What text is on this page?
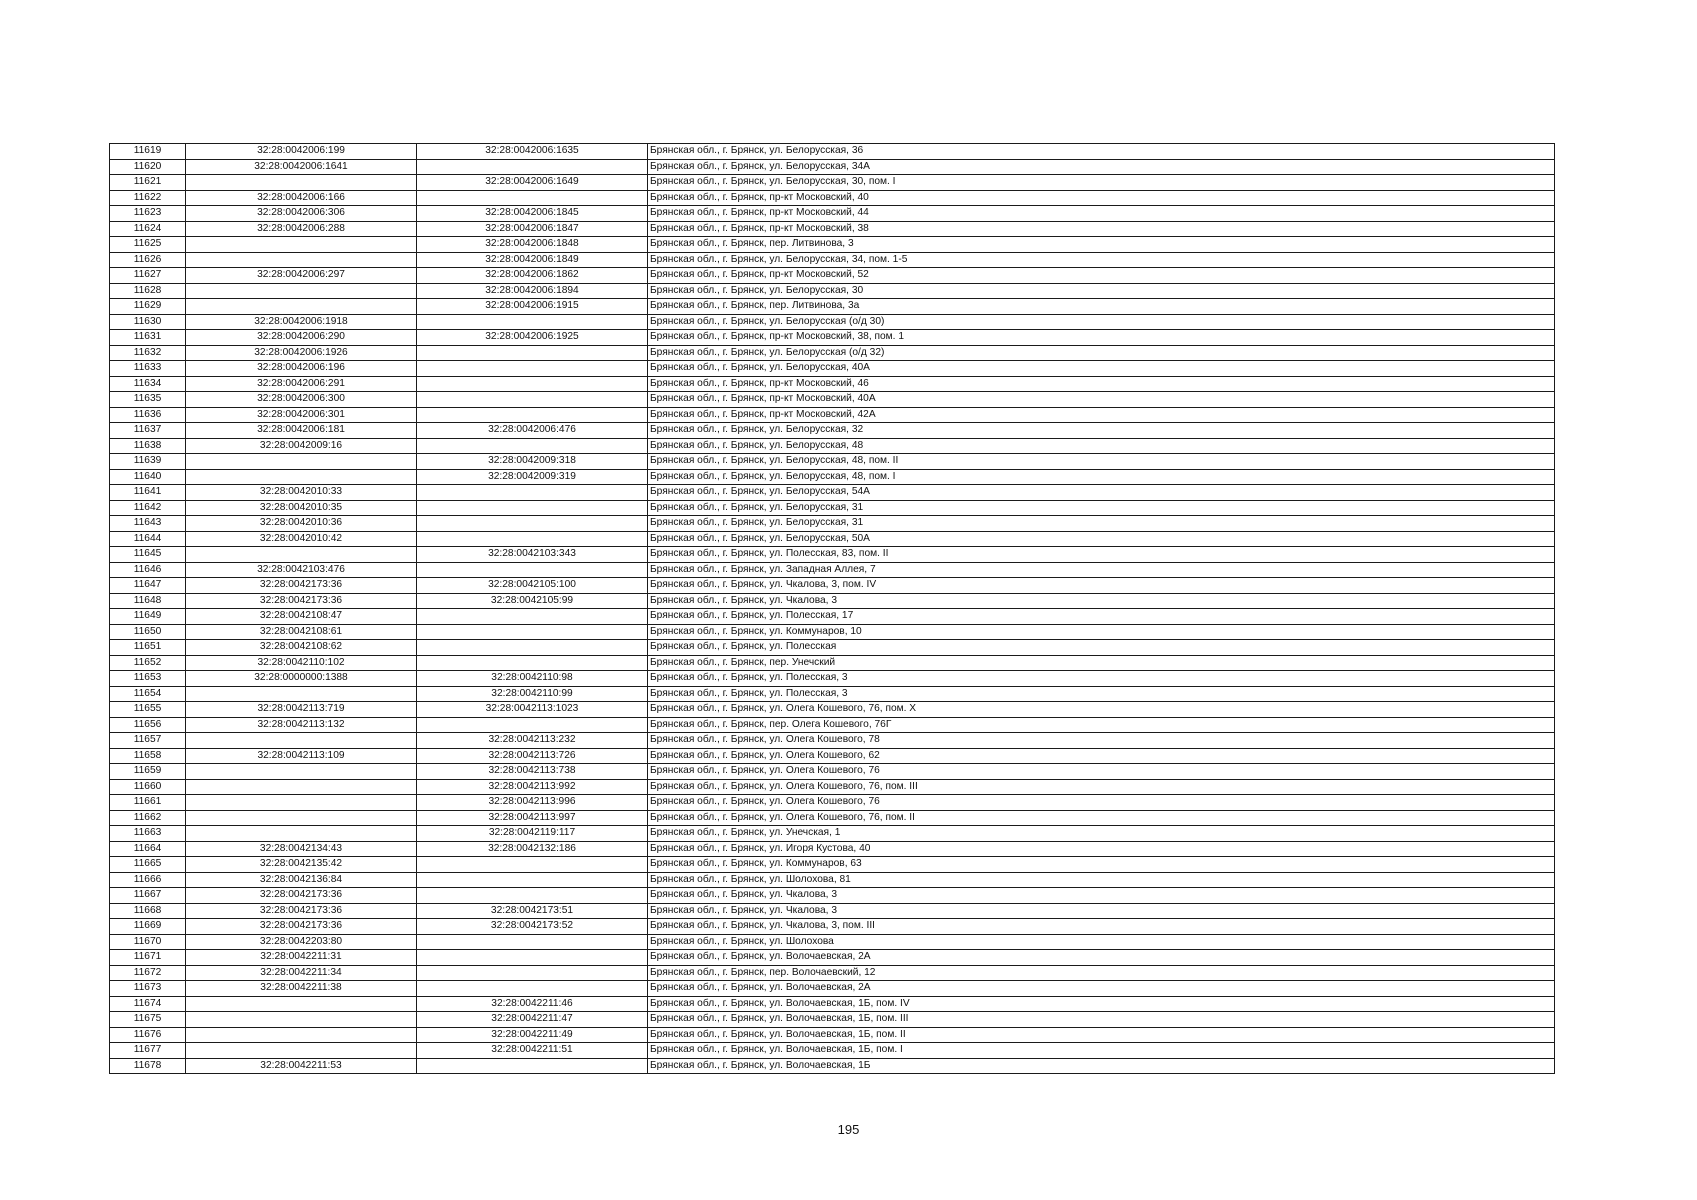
11619	32:28:0042006:199	32:28:0042006:1635	Брянская обл., г. Брянск, ул. Белорусская, 36
11620	32:28:0042006:1641		Брянская обл., г. Брянск, ул. Белорусская, 34А
11621		32:28:0042006:1649	Брянская обл., г. Брянск, ул. Белорусская, 30, пом. I
11622	32:28:0042006:166		Брянская обл., г. Брянск, пр-кт Московский, 40
11623	32:28:0042006:306	32:28:0042006:1845	Брянская обл., г. Брянск, пр-кт Московский, 44
11624	32:28:0042006:288	32:28:0042006:1847	Брянская обл., г. Брянск, пр-кт Московский, 38
11625		32:28:0042006:1848	Брянская обл., г. Брянск, пер. Литвинова, 3
11626		32:28:0042006:1849	Брянская обл., г. Брянск, ул. Белорусская, 34, пом. 1-5
11627	32:28:0042006:297	32:28:0042006:1862	Брянская обл., г. Брянск, пр-кт Московский, 52
11628		32:28:0042006:1894	Брянская обл., г. Брянск, ул. Белорусская, 30
11629		32:28:0042006:1915	Брянская обл., г. Брянск, пер. Литвинова, 3а
11630	32:28:0042006:1918		Брянская обл., г. Брянск, ул. Белорусская (о/д 30)
11631	32:28:0042006:290	32:28:0042006:1925	Брянская обл., г. Брянск, пр-кт Московский, 38, пом. 1
11632	32:28:0042006:1926		Брянская обл., г. Брянск, ул. Белорусская (о/д 32)
11633	32:28:0042006:196		Брянская обл., г. Брянск, ул. Белорусская, 40А
11634	32:28:0042006:291		Брянская обл., г. Брянск, пр-кт Московский, 46
11635	32:28:0042006:300		Брянская обл., г. Брянск, пр-кт Московский, 40А
11636	32:28:0042006:301		Брянская обл., г. Брянск, пр-кт Московский, 42А
11637	32:28:0042006:181	32:28:0042006:476	Брянская обл., г. Брянск, ул. Белорусская, 32
11638	32:28:0042009:16		Брянская обл., г. Брянск, ул. Белорусская, 48
11639		32:28:0042009:318	Брянская обл., г. Брянск, ул. Белорусская, 48, пом. II
11640		32:28:0042009:319	Брянская обл., г. Брянск, ул. Белорусская, 48, пом. I
11641	32:28:0042010:33		Брянская обл., г. Брянск, ул. Белорусская, 54А
11642	32:28:0042010:35		Брянская обл., г. Брянск, ул. Белорусская, 31
11643	32:28:0042010:36		Брянская обл., г. Брянск, ул. Белорусская, 31
11644	32:28:0042010:42		Брянская обл., г. Брянск, ул. Белорусская, 50А
11645		32:28:0042103:343	Брянская обл., г. Брянск, ул. Полесская, 83, пом. II
11646	32:28:0042103:476		Брянская обл., г. Брянск, ул. Западная Аллея, 7
11647	32:28:0042173:36	32:28:0042105:100	Брянская обл., г. Брянск, ул. Чкалова, 3, пом. IV
11648	32:28:0042173:36	32:28:0042105:99	Брянская обл., г. Брянск, ул. Чкалова, 3
11649	32:28:0042108:47		Брянская обл., г. Брянск, ул. Полесская, 17
11650	32:28:0042108:61		Брянская обл., г. Брянск, ул. Коммунаров, 10
11651	32:28:0042108:62		Брянская обл., г. Брянск, ул. Полесская
11652	32:28:0042110:102		Брянская обл., г. Брянск, пер. Унечский
11653	32:28:0000000:1388	32:28:0042110:98	Брянская обл., г. Брянск, ул. Полесская, 3
11654		32:28:0042110:99	Брянская обл., г. Брянск, ул. Полесская, 3
11655	32:28:0042113:719	32:28:0042113:1023	Брянская обл., г. Брянск, ул. Олега Кошевого, 76, пом. X
11656	32:28:0042113:132		Брянская обл., г. Брянск, пер. Олега Кошевого, 76Г
11657		32:28:0042113:232	Брянская обл., г. Брянск, ул. Олега Кошевого, 78
11658	32:28:0042113:109	32:28:0042113:726	Брянская обл., г. Брянск, ул. Олега Кошевого, 62
11659		32:28:0042113:738	Брянская обл., г. Брянск, ул. Олега Кошевого, 76
11660		32:28:0042113:992	Брянская обл., г. Брянск, ул. Олега Кошевого, 76, пом. III
11661		32:28:0042113:996	Брянская обл., г. Брянск, ул. Олега Кошевого, 76
11662		32:28:0042113:997	Брянская обл., г. Брянск, ул. Олега Кошевого, 76, пом. II
11663		32:28:0042119:117	Брянская обл., г. Брянск, ул. Унечская, 1
11664	32:28:0042134:43	32:28:0042132:186	Брянская обл., г. Брянск, ул. Игоря Кустова, 40
11665	32:28:0042135:42		Брянская обл., г. Брянск, ул. Коммунаров, 63
11666	32:28:0042136:84		Брянская обл., г. Брянск, ул. Шолохова, 81
11667	32:28:0042173:36		Брянская обл., г. Брянск, ул. Чкалова, 3
11668	32:28:0042173:36	32:28:0042173:51	Брянская обл., г. Брянск, ул. Чкалова, 3
11669	32:28:0042173:36	32:28:0042173:52	Брянская обл., г. Брянск, ул. Чкалова, 3, пом. III
11670	32:28:0042203:80		Брянская обл., г. Брянск, ул. Шолохова
11671	32:28:0042211:31		Брянская обл., г. Брянск, ул. Волочаевская, 2А
11672	32:28:0042211:34		Брянская обл., г. Брянск, пер. Волочаевский, 12
11673	32:28:0042211:38		Брянская обл., г. Брянск, ул. Волочаевская, 2А
11674		32:28:0042211:46	Брянская обл., г. Брянск, ул. Волочаевская, 1Б, пом. IV
11675		32:28:0042211:47	Брянская обл., г. Брянск, ул. Волочаевская, 1Б, пом. III
11676		32:28:0042211:49	Брянская обл., г. Брянск, ул. Волочаевская, 1Б, пом. II
11677		32:28:0042211:51	Брянская обл., г. Брянск, ул. Волочаевская, 1Б, пом. I
11678	32:28:0042211:53		Брянская обл., г. Брянск, ул. Волочаевская, 1Б
195
